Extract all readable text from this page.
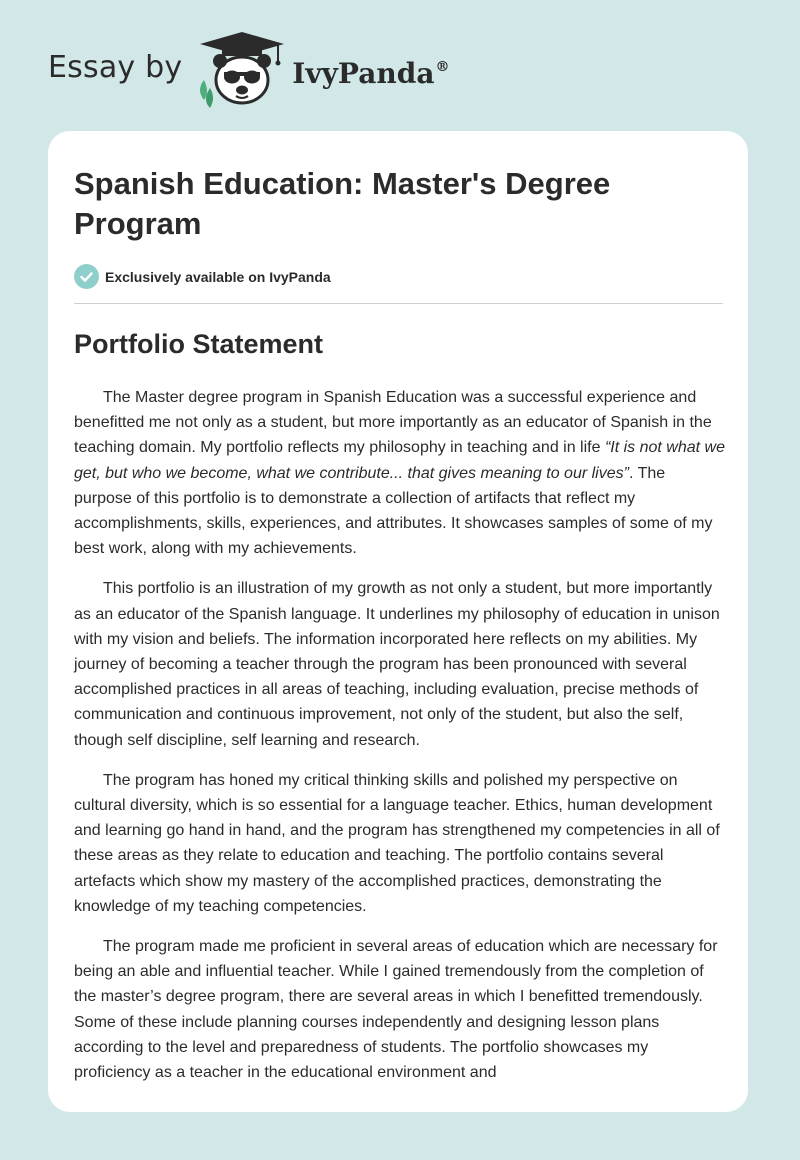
Essay by	IvyPanda®
Spanish Education: Master's Degree Program
Exclusively available on IvyPanda
Portfolio Statement

The Master degree program in Spanish Education was a successful experience and benefitted me not only as a student, but more importantly as an educator of Spanish in the teaching domain. My portfolio reflects my philosophy in teaching and in life “It is not what we get, but who we become, what we contribute... that gives meaning to our lives”. The purpose of this portfolio is to demonstrate a collection of artifacts that reflect my accomplishments, skills, experiences, and attributes. It showcases samples of some of my best work, along with my achievements.

This portfolio is an illustration of my growth as not only a student, but more importantly as an educator of the Spanish language. It underlines my philosophy of education in unison with my vision and beliefs. The information incorporated here reflects on my abilities. My journey of becoming a teacher through the program has been pronounced with several accomplished practices in all areas of teaching, including evaluation, precise methods of communication and continuous improvement, not only of the student, but also the self, though self discipline, self learning and research.

The program has honed my critical thinking skills and polished my perspective on cultural diversity, which is so essential for a language teacher. Ethics, human development and learning go hand in hand, and the program has strengthened my competencies in all of these areas as they relate to education and teaching. The portfolio contains several artefacts which show my mastery of the accomplished practices, demonstrating the knowledge of my teaching competencies.

The program made me proficient in several areas of education which are necessary for being an able and influential teacher. While I gained tremendously from the completion of the master’s degree program, there are several areas in which I benefitted tremendously. Some of these include planning courses independently and designing lesson plans according to the level and preparedness of students. The portfolio showcases my proficiency as a teacher in the educational environment and
